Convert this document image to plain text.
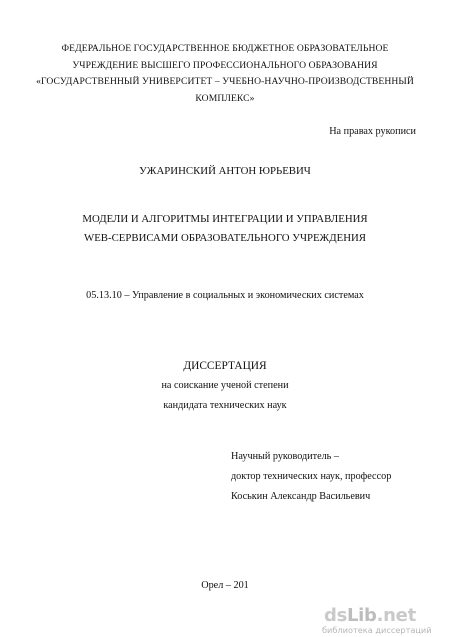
ФЕДЕРАЛЬНОЕ ГОСУДАРСТВЕННОЕ БЮДЖЕТНОЕ ОБРАЗОВАТЕЛЬНОЕ
УЧРЕЖДЕНИЕ ВЫСШЕГО ПРОФЕССИОНАЛЬНОГО ОБРАЗОВАНИЯ
«ГОСУДАРСТВЕННЫЙ УНИВЕРСИТЕТ – УЧЕБНО-НАУЧНО-ПРОИЗВОДСТВЕННЫЙ
КОМПЛЕКС»
На правах рукописи
УЖАРИНСКИЙ АНТОН ЮРЬЕВИЧ
МОДЕЛИ И АЛГОРИТМЫ ИНТЕГРАЦИИ И УПРАВЛЕНИЯ
WEB-СЕРВИСАМИ ОБРАЗОВАТЕЛЬНОГО УЧРЕЖДЕНИЯ
05.13.10 – Управление в социальных и экономических системах
ДИССЕРТАЦИЯ
на соискание ученой степени
кандидата технических наук
Научный руководитель –
доктор технических наук, профессор
Коськин Александр Васильевич
Орел – 201
dsLib.net
библиотека диссертаций
